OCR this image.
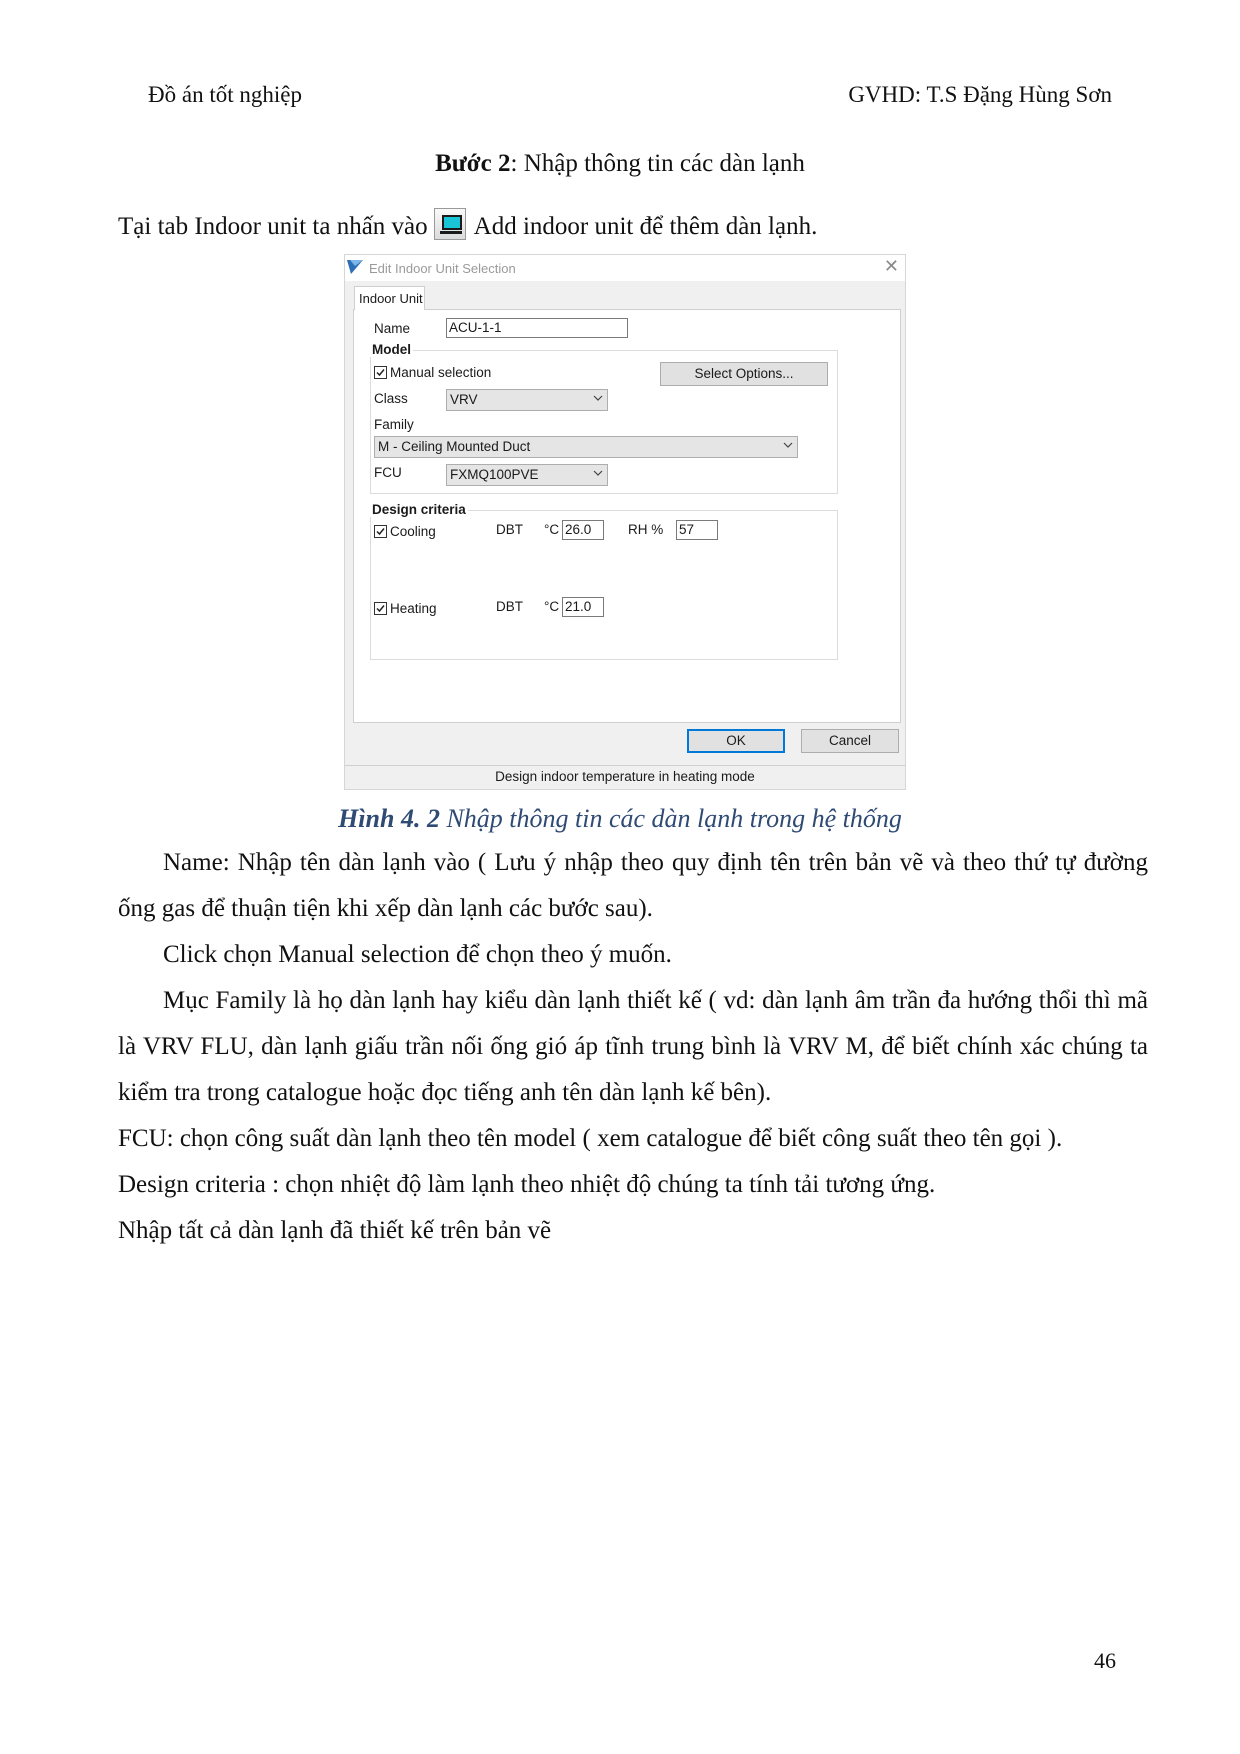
Đồ án tốt nghiệp	GVHD: T.S Đặng Hùng Sơn
Bước 2: Nhập thông tin các dàn lạnh
Tại tab Indoor unit ta nhấn vào Add indoor unit để thêm dàn lạnh.
Edit Indoor Unit Selection	✕
Indoor Unit
Name	ACU-1-1
Model
Manual selection	Select Options...
Class	VRV
Family
M - Ceiling Mounted Duct
FCU	FXMQ100PVE
Design criteria
Cooling	DBT °C 26.0	RH % 57
Heating	DBT °C 21.0
OK	Cancel
Design indoor temperature in heating mode
Hình 4. 2 Nhập thông tin các dàn lạnh trong hệ thống
Name: Nhập tên dàn lạnh vào ( Lưu ý nhập theo quy định tên trên bản vẽ và theo thứ tự đường ống gas để thuận tiện khi xếp dàn lạnh các bước sau).
Click chọn Manual selection để chọn theo ý muốn.
Mục Family là họ dàn lạnh hay kiểu dàn lạnh thiết kế ( vd: dàn lạnh âm trần đa hướng thổi thì mã là VRV FLU, dàn lạnh giấu trần nối ống gió áp tĩnh trung bình là VRV M, để biết chính xác chúng ta kiểm tra trong catalogue hoặc đọc tiếng anh tên dàn lạnh kế bên).
FCU: chọn công suất dàn lạnh theo tên model ( xem catalogue để biết công suất theo tên gọi ).
Design criteria : chọn nhiệt độ làm lạnh theo nhiệt độ chúng ta tính tải tương ứng.
Nhập tất cả dàn lạnh đã thiết kế trên bản vẽ
46
